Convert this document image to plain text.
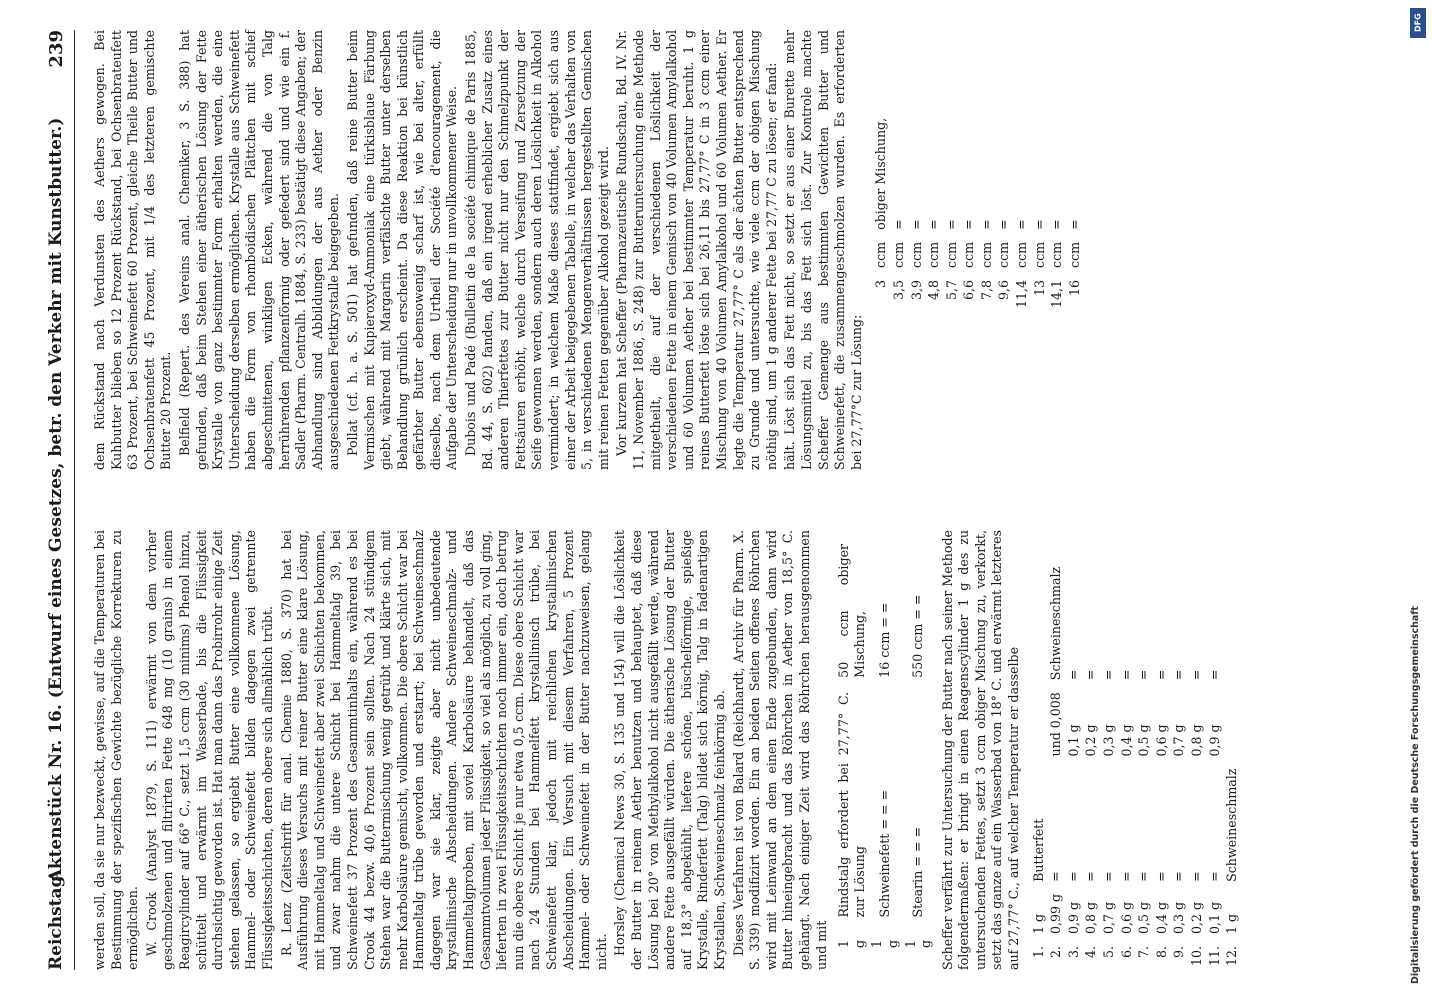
Reichstag.
Aktenstück Nr. 16. (Entwurf eines Gesetzes, betr. den Verkehr mit Kunstbutter.)
239

werden soll, da sie nur bezweckt, gewisse, auf die Temperaturen bei Bestimmung der spezifischen Gewichte bezügliche Korrekturen zu ermöglichen. W. Crook (Analyst 1879, S. 111) erwärmt von dem vorher geschmolzenen und filtrirten Fette 648 mg (10 grains) in einem Reagircylinder auf 66° C., setzt 1,5 ccm (30 minims) Phenol hinzu, schüttelt und erwärmt im Wasserbade, bis die Flüssigkeit durchsichtig geworden ist. Hat man dann das Probirrohr einige Zeit stehen gelassen, so ergiebt Butter eine vollkommene Lösung, Hammel- oder Schweinefett bilden dagegen zwei getrennte Flüssigkeitsschichten, deren obere sich allmählich trübt. R. Lenz (Zeitschrift für anal. Chemie 1880, S. 370) hat bei Ausführung dieses Versuchs mit reiner Butter eine klare Lösung, mit Hammeltalg und Schweinefett aber zwei Schichten bekommen, und zwar nahm die untere Schicht bei Hammeltalg 39, bei Schweinefett 37 Prozent des Gesammtinhalts ein, während es bei Crook 44 bezw. 40,6 Prozent sein sollten. Nach 24 stündigem Stehen war die Buttermischung wenig getrübt und klärte sich, mit mehr Karbolsäure gemischt, vollkommen. Die obere Schicht war bei Hammeltalg trübe geworden und erstarrt; bei Schweineschmalz dagegen war sie klar, zeigte aber nicht unbedeutende krystallinische Abscheidungen. Andere Schweineschmalz- und Hammeltalgproben, mit soviel Karbolsäure behandelt, daß das Gesammtvolumen jeder Flüssigkeit, so viel als möglich, zu voll ging, lieferten in zwei Flüssigkeitsschichten noch immer ein, doch betrug nun die obere Schicht je nur etwa 0,5 ccm. Diese obere Schicht war nach 24 Stunden bei Hammelfett krystallinisch trübe, bei Schweinefett klar, jedoch mit reichlichen krystallinischen Abscheidungen. Ein Versuch mit diesem Verfahren, 5 Prozent Hammel- oder Schweinefett in der Butter nachzuweisen, gelang nicht. Horsley (Chemical News 30, S. 135 und 154) will die Löslichkeit der Butter in reinem Aether benutzen und behauptet, daß diese Lösung bei 20° von Methylalkohol nicht ausgefällt werde, während andere Fette ausgefällt würden. Die ätherische Lösung der Butter auf 18,3° abgekühlt, liefere schöne, büschelförmige, spießige Krystalle, Rinderfett (Talg) bildet sich körnig, Talg in fadenartigen Krystallen, Schweineschmalz feinkörnig ab. Dieses Verfahren ist von Balard (Reichhardt, Archiv für Pharm. X. S. 339) modifizirt worden. Ein an beiden Seiten offenes Röhrchen wird mit Leinwand an dem einen Ende zugebunden, dann wird Butter hineingebracht und das Röhrchen in Aether von 18,5° C. gehängt. Nach einiger Zeit wird das Röhrchen herausgenommen und mit 1 g	Rindstalg erfordert bei 27,77° C. zur Lösung	50 ccm obiger Mischung,
1 g	Schweinefett = = =	16 ccm = =
1 g	Stearin = = =	550 ccm = = Scheffer verfährt zur Untersuchung der Butter nach seiner Methode folgendermaßen: er bringt in einen Reagenscylinder 1 g des zu untersuchenden Fettes, setzt 3 ccm obiger Mischung zu, verkorkt, setzt das ganze auf ein Wasserbad von 18° C. und erwärmt letzteres auf 27,77° C., auf welcher Temperatur er dasselbe 1.	1 g	Butterfett		
2.	0,99 g	=	und 0,008	Schweineschmalz
3.	0,9 g	=	0,1 g	=
4.	0,8 g	=	0,2 g	=
5.	0,7 g	=	0,3 g	=
6.	0,6 g	=	0,4 g	=
7.	0,5 g	=	0,5 g	=
8.	0,4 g	=	0,6 g	=
9.	0,3 g	=	0,7 g	=
10.	0,2 g	=	0,8 g	=
11.	0,1 g	=	0,9 g	=
12.	1 g	Schweineschmalz		

dem Rückstand nach Verdunsten des Aethers gewogen. Bei Kuhbutter blieben so 12 Prozent Rückstand, bei Ochsenbrateufett 63 Prozent, bei Schweinefett 60 Prozent, gleiche Theile Butter und Ochsenbratenfett 45 Prozent, mit 1/4 des letzteren gemischte Butter 20 Prozent. Belfield (Repert. des Vereins anal. Chemiker, 3 S. 388) hat gefunden, daß beim Stehen einer ätherischen Lösung der Fette Krystalle von ganz bestimmter Form erhalten werden, die eine Unterscheidung derselben ermöglichen. Krystalle aus Schweinefett haben die Form von rhomboidischen Plättchen mit schief abgeschnittenen, winkligen Ecken, während die von Talg herrührenden pflanzenförmig oder gefedert sind und wie ein f. Sadler (Pharm. Centralh. 1884, S. 233) bestätigt diese Angaben; der Abhandlung sind Abbildungen der aus Aether oder Benzin ausgeschiedenen Fettkrystalle beigegeben. Pollat (cf. h. a. S. 501) hat gefunden, daß reine Butter beim Vermischen mit Kupieroxyd-Ammoniak eine türkisblaue Färbung giebt, während mit Margarin verfälschte Butter unter derselben Behandlung grünlich erscheint. Da diese Reaktion bei künstlich gefärbter Butter ebensowenig scharf ist, wie bei alter, erfüllt dieselbe, nach dem Urtheil der Société d'encouragement, die Aufgabe der Unterscheidung nur in unvollkommener Weise. Dubois und Padé (Bulletin de la société chimique de Paris 1885, Bd. 44, S. 602) fanden, daß ein irgend erheblicher Zusatz eines anderen Thierfettes zur Butter nicht nur den Schmelzpunkt der Fettsäuren erhöht, welche durch Verseifung und Zersetzung der Seife gewonnen werden, sondern auch deren Löslichkeit in Alkohol vermindert; in welchem Maße dieses stattfindet, ergiebt sich aus einer der Arbeit beigegebenen Tabelle, in welcher das Verhalten von 5, in verschiedenen Mengenverhältnissen hergestellten Gemischen mit reinen Fetten gegenüber Alkohol gezeigt wird. Vor kurzem hat Scheffer (Pharmazeutische Rundschau, Bd. IV. Nr. 11, November 1886, S. 248) zur Butteruntersuchung eine Methode mitgetheilt, die auf der verschiedenen Löslichkeit der verschiedenen Fette in einem Gemisch von 40 Volumen Amylalkohol und 60 Volumen Aether bei bestimmter Temperatur beruht. 1 g reines Butterfett löste sich bei 26,11 bis 27,77° C in 3 ccm einer Mischung von 40 Volumen Amylalkohol und 60 Volumen Aether. Er legte die Temperatur 27,77° C als der ächten Butter entsprechend zu Grunde und untersuchte, wie viele ccm der obigen Mischung nöthig sind, um 1 g anderer Fette bei 27,77 C zu lösen; er fand: hält. Löst sich das Fett nicht, so setzt er aus einer Burette mehr Lösungsmittel zu, bis das Fett sich löst. Zur Kontrole machte Scheffer Gemenge aus bestimmten Gewichten Butter und Schweinefett, die zusammengeschmolzen wurden. Es erforderten bei 27,77°C zur Lösung:

3	ccm	obiger Mischung,
3,5	ccm	=
3,9	ccm	=
4,8	ccm	=
5,7	ccm	=
6,6	ccm	=
7,8	ccm	=
9,6	ccm	=
11,4	ccm	=
13	ccm	=
14,1	ccm	=
16	ccm	=
DFG
Digitalisierung gefördert durch die Deutsche Forschungsgemeinschaft
